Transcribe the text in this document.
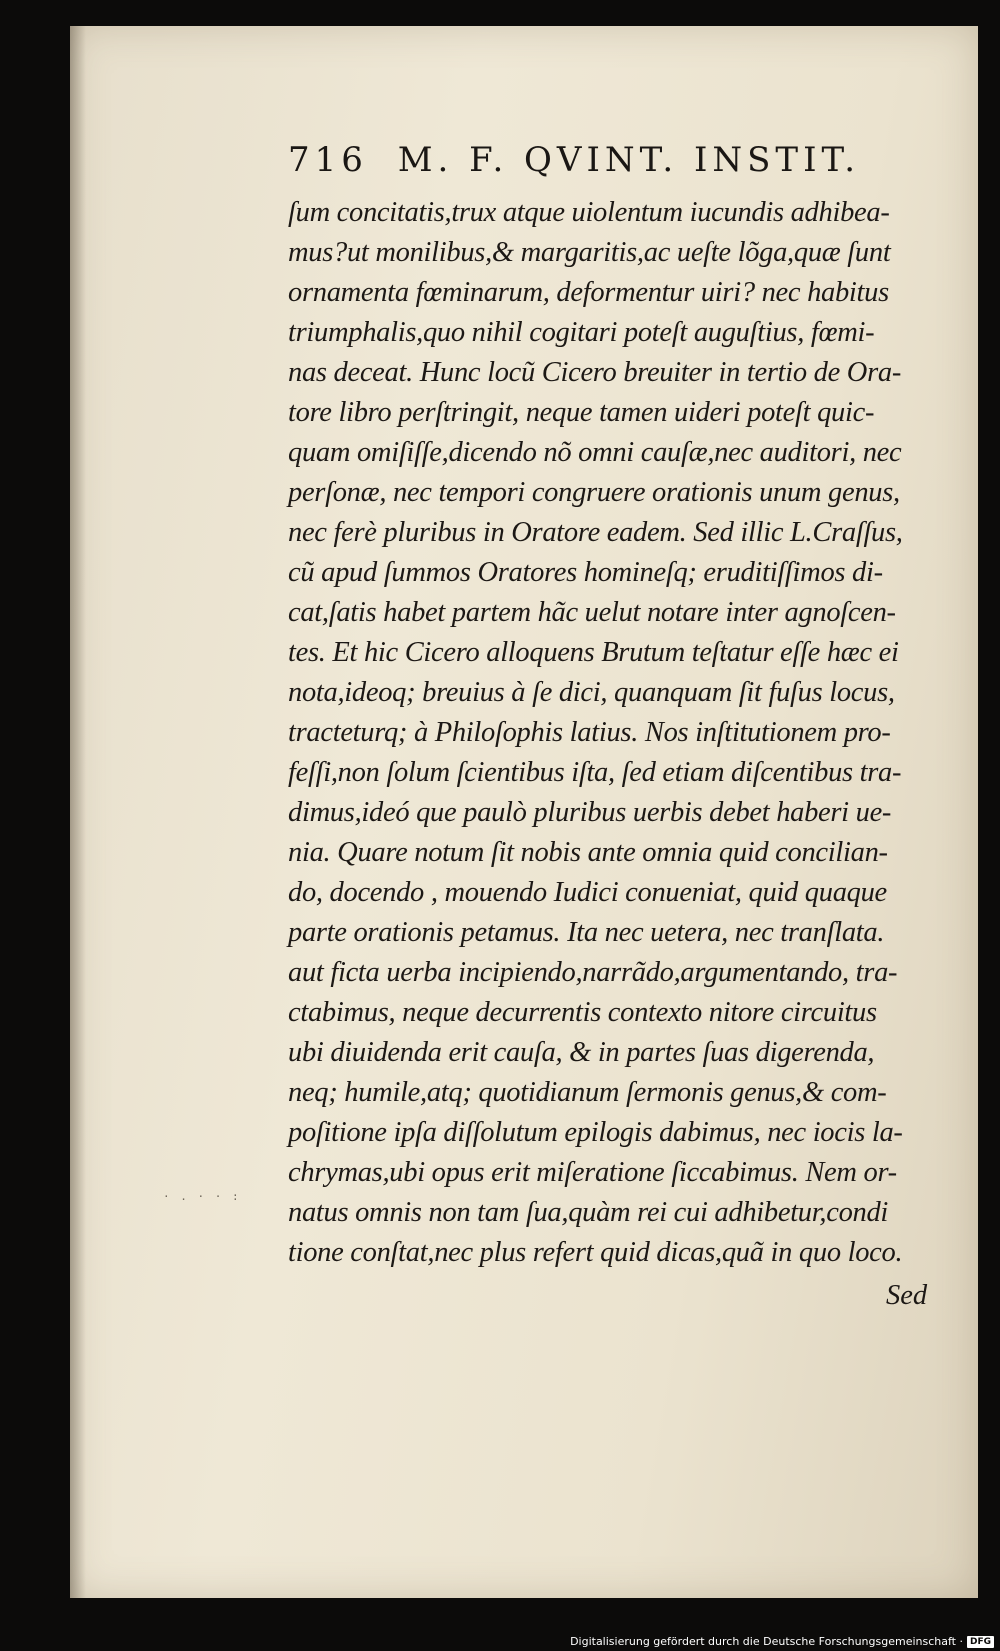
716 M. F. QVINT. INSTIT.
· . · · :
ſum concitatis,trux atque uiolentum iucundis adhibea-
mus?ut monilibus,& margaritis,ac ueſte lõga,quæ ſunt
ornamenta fœminarum, deformentur uiri? nec habitus
triumphalis,quo nihil cogitari poteſt auguſtius, fœmi-
nas deceat. Hunc locũ Cicero breuiter in tertio de Ora-
tore libro perſtringit, neque tamen uideri poteſt quic-
quam omiſiſſe,dicendo nõ omni cauſæ,nec auditori, nec
perſonæ, nec tempori congruere orationis unum genus,
nec ferè pluribus in Oratore eadem. Sed illic L.Craſſus,
cũ apud ſummos Oratores homineſq; eruditiſſimos di-
cat,ſatis habet partem hãc uelut notare inter agnoſcen-
tes. Et hic Cicero alloquens Brutum teſtatur eſſe hæc ei
nota,ideoq; breuius à ſe dici, quanquam ſit fuſus locus,
tracteturq; à Philoſophis latius. Nos inſtitutionem pro-
feſſi,non ſolum ſcientibus iſta, ſed etiam diſcentibus tra-
dimus,ideó que paulò pluribus uerbis debet haberi ue-
nia. Quare notum ſit nobis ante omnia quid concilian-
do, docendo , mouendo Iudici conueniat, quid quaque
parte orationis petamus. Ita nec uetera, nec tranſlata.
aut ficta uerba incipiendo,narrãdo,argumentando, tra-
ctabimus, neque decurrentis contexto nitore circuitus
ubi diuidenda erit cauſa, & in partes ſuas digerenda,
neq; humile,atq; quotidianum ſermonis genus,& com-
poſitione ipſa diſſolutum epilogis dabimus, nec iocis la-
chrymas,ubi opus erit miſeratione ſiccabimus. Nem or-
natus omnis non tam ſua,quàm rei cui adhibetur,condi
tione conſtat,nec plus refert quid dicas,quã in quo loco.
Sed
Digitalisierung gefördert durch die Deutsche Forschungsgemeinschaft · DFG
